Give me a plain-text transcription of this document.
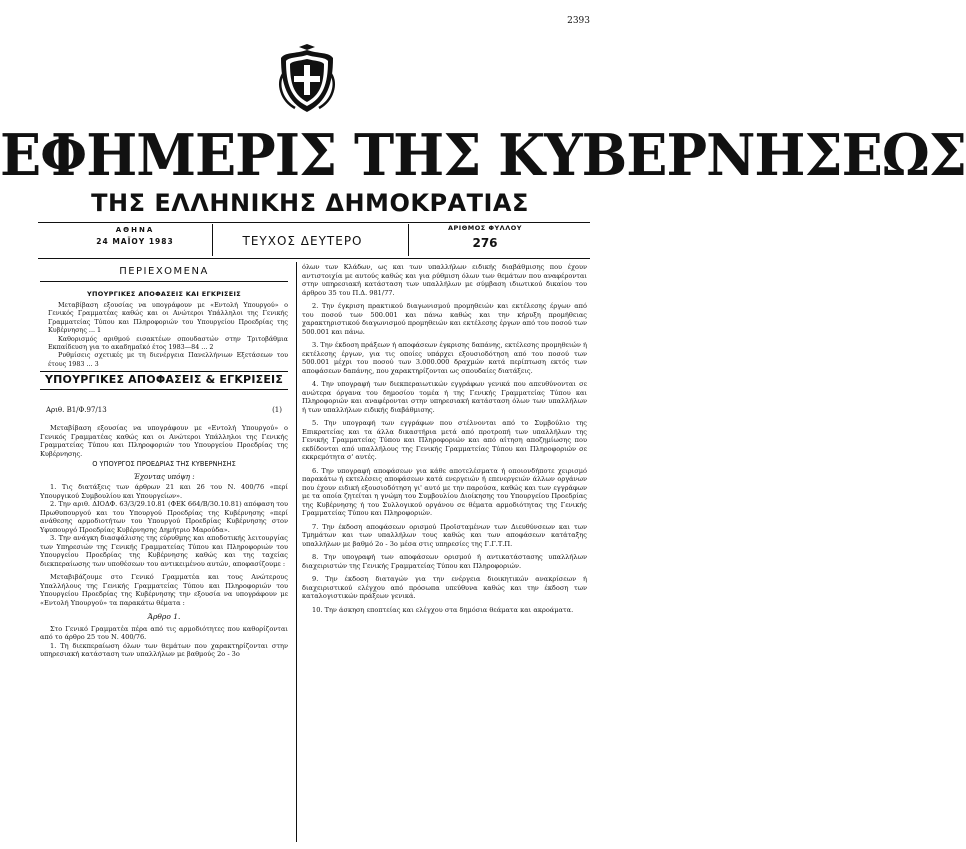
2393
ΕΦΗΜΕΡΙΣ ΤΗΣ ΚΥΒΕΡΝΗΣΕΩΣ
ΤΗΣ ΕΛΛΗΝΙΚΗΣ ΔΗΜΟΚΡΑΤΙΑΣ
ΑΘΗΝΑ
24 ΜΑΪΟΥ 1983	ΤΕΥΧΟΣ ΔΕΥΤΕΡΟ
ΑΡΙΘΜΟΣ ΦΥΛΛΟΥ
276
ΠΕΡΙΕΧΟΜΕΝΑ
ΥΠΟΥΡΓΙΚΕΣ ΑΠΟΦΑΣΕΙΣ ΚΑΙ ΕΓΚΡΙΣΕΙΣ

Μεταβίβαση εξουσίας να υπογράφουν με «Εντολή Υπουργού» ο Γενικός Γραμματέας καθώς και οι Ανώτεροι Υπάλληλοι της Γενικής Γραμματείας Τύπου και Πληροφοριών του Υπουργείου Προεδρίας της Κυβέρνησης ... 1

Καθορισμός αριθμού εισακτέων σπουδαστών στην Τριτοβάθμια Εκπαίδευση για το ακαδημαϊκό έτος 1983—84 ... 2

Ρυθμίσεις σχετικές με τη διενέργεια Πανελλήνιων Εξετάσεων του έτους 1983 ... 3

ΥΠΟΥΡΓΙΚΕΣ ΑΠΟΦΑΣΕΙΣ & ΕΓΚΡΙΣΕΙΣ
Αριθ. Β1/Φ.97/13	(1)

Μεταβίβαση εξουσίας να υπογράφουν με «Εντολή Υπουργού» ο Γενικός Γραμματέας καθώς και οι Ανώτεροι Υπάλληλοι της Γενικής Γραμματείας Τύπου και Πληροφοριών του Υπουργείου Προεδρίας της Κυβέρνησης.

Ο ΥΠΟΥΡΓΟΣ ΠΡΟΕΔΡΙΑΣ ΤΗΣ ΚΥΒΕΡΝΗΣΗΣ
Έχοντας υπόψη :

1. Τις διατάξεις των άρθρων 21 και 26 του Ν. 400/76 «περί Υπουργικού Συμβουλίου και Υπουργείων».

2. Την αριθ. ΔΙΟΔΦ. 63/3/29.10.81 (ΦΕΚ 664/Β/30.10.81) απόφαση του Πρωθυπουργού και του Υπουργού Προεδρίας της Κυβέρνησης «περί ανάθεσης αρμοδιοτήτων του Υπουργού Προεδρίας Κυβέρνησης στον Υφυπουργό Προεδρίας Κυβέρνησης Δημήτριο Μαρούδα».

3. Την ανάγκη διασφάλισης της εύρυθμης και αποδοτικής λειτουργίας των Υπηρεσιών της Γενικής Γραμματείας Τύπου και Πληροφοριών του Υπουργείου Προεδρίας της Κυβέρνησης καθώς και της ταχείας διεκπεραίωσης των υποθέσεων του αντικειμένου αυτών, αποφασίζουμε :

Μεταβιβάζουμε στο Γενικό Γραμματέα και τους Ανώτερους Υπαλλήλους της Γενικής Γραμματείας Τύπου και Πληροφοριών του Υπουργείου Προεδρίας της Κυβέρνησης την εξουσία να υπογράφουν με «Εντολή Υπουργού» τα παρακάτω θέματα :

Άρθρο 1.

Στο Γενικό Γραμματέα πέρα από τις αρμοδιότητες που καθορίζονται από το άρθρο 25 του Ν. 400/76.

1. Τη διεκπεραίωση όλων των θεμάτων που χαρακτηρίζονται στην υπηρεσιακή κατάσταση των υπαλλήλων με βαθμούς 2ο - 3ο

όλων των Κλάδων, ως και των υπαλλήλων ειδικής διαβάθμισης που έχουν αντιστοιχία με αυτούς καθώς και για ρύθμιση όλων των θεμάτων που αναφέρονται στην υπηρεσιακή κατάσταση των υπαλλήλων με σύμβαση ιδιωτικού δικαίου του άρθρου 35 του Π.Δ. 981/77.

2. Την έγκριση πρακτικού διαγωνισμού προμηθειών και εκτέλεσης έργων από του ποσού των 500.001 και πάνω καθώς και την κήρυξη προμήθειας χαρακτηριστικού διαγωνισμού προμηθειών και εκτέλεσης έργων από του ποσού των 500.001 και πάνω.

3. Την έκδοση πράξεων ή αποφάσεων έγκρισης δαπάνης, εκτέλεσης προμηθειών ή εκτέλεσης έργων, για τις οποίες υπάρχει εξουσιοδότηση από του ποσού των 500.001 μέχρι του ποσού των 3.000.000 δραχμών κατά περίπτωση εκτός των αποφάσεων δαπάνης, που χαρακτηρίζονται ως σπουδαίες διατάξεις.

4. Την υπογραφή των διεκπεραιωτικών εγγράφων γενικά που απευθύνονται σε ανώτερα όργανα του δημοσίου τομέα ή της Γενικής Γραμματείας Τύπου και Πληροφοριών και αναφέρονται στην υπηρεσιακή κατάσταση όλων των υπαλλήλων ή των υπαλλήλων ειδικής διαβάθμισης.

5. Την υπογραφή των εγγράφων που στέλνονται από το Συμβούλιο της Επικρατείας και τα άλλα δικαστήρια μετά από προτροπή των υπαλλήλων της Γενικής Γραμματείας Τύπου και Πληροφοριών και από αίτηση αποζημίωσης που εκδίδονται από υπαλλήλους της Γενικής Γραμματείας Τύπου και Πληροφοριών σε εκκρεμότητα σ' αυτές.

6. Την υπογραφή αποφάσεων για κάθε αποτελέσματα ή οποιονδήποτε χειρισμό παρακάτω ή εκτελέσεις αποφάσεων κατά ενεργειών ή επενεργειών άλλων οργάνων που έχουν ειδική εξουσιοδότηση γι' αυτό με την παρούσα, καθώς και των εγγράφων με τα οποία ζητείται η γνώμη του Συμβουλίου Διοίκησης του Υπουργείου Προεδρίας της Κυβέρνησης ή του Συλλογικού οργάνου σε θέματα αρμοδιότητας της Γενικής Γραμματείας Τύπου και Πληροφοριών.

7. Την έκδοση αποφάσεων ορισμού Προϊσταμένων των Διευθύνσεων και των Τμημάτων και των υπαλλήλων τους καθώς και των αποφάσεων κατάταξης υπαλλήλων με βαθμό 2ο - 3ο μέσα στις υπηρεσίες της Γ.Γ.Τ.Π.

8. Την υπογραφή των αποφάσεων ορισμού ή αντικατάστασης υπαλλήλων διαχειριστών της Γενικής Γραμματείας Τύπου και Πληροφοριών.

9. Την έκδοση διαταγών για την ενέργεια διοικητικών ανακρίσεων ή διαχειριστικού ελέγχου από πρόσωπα υπεύθυνα καθώς και την έκδοση των καταλογιστικών πράξεων γενικά.

10. Την άσκηση εποπτείας και ελέγχου στα δημόσια θεάματα και ακροάματα.
